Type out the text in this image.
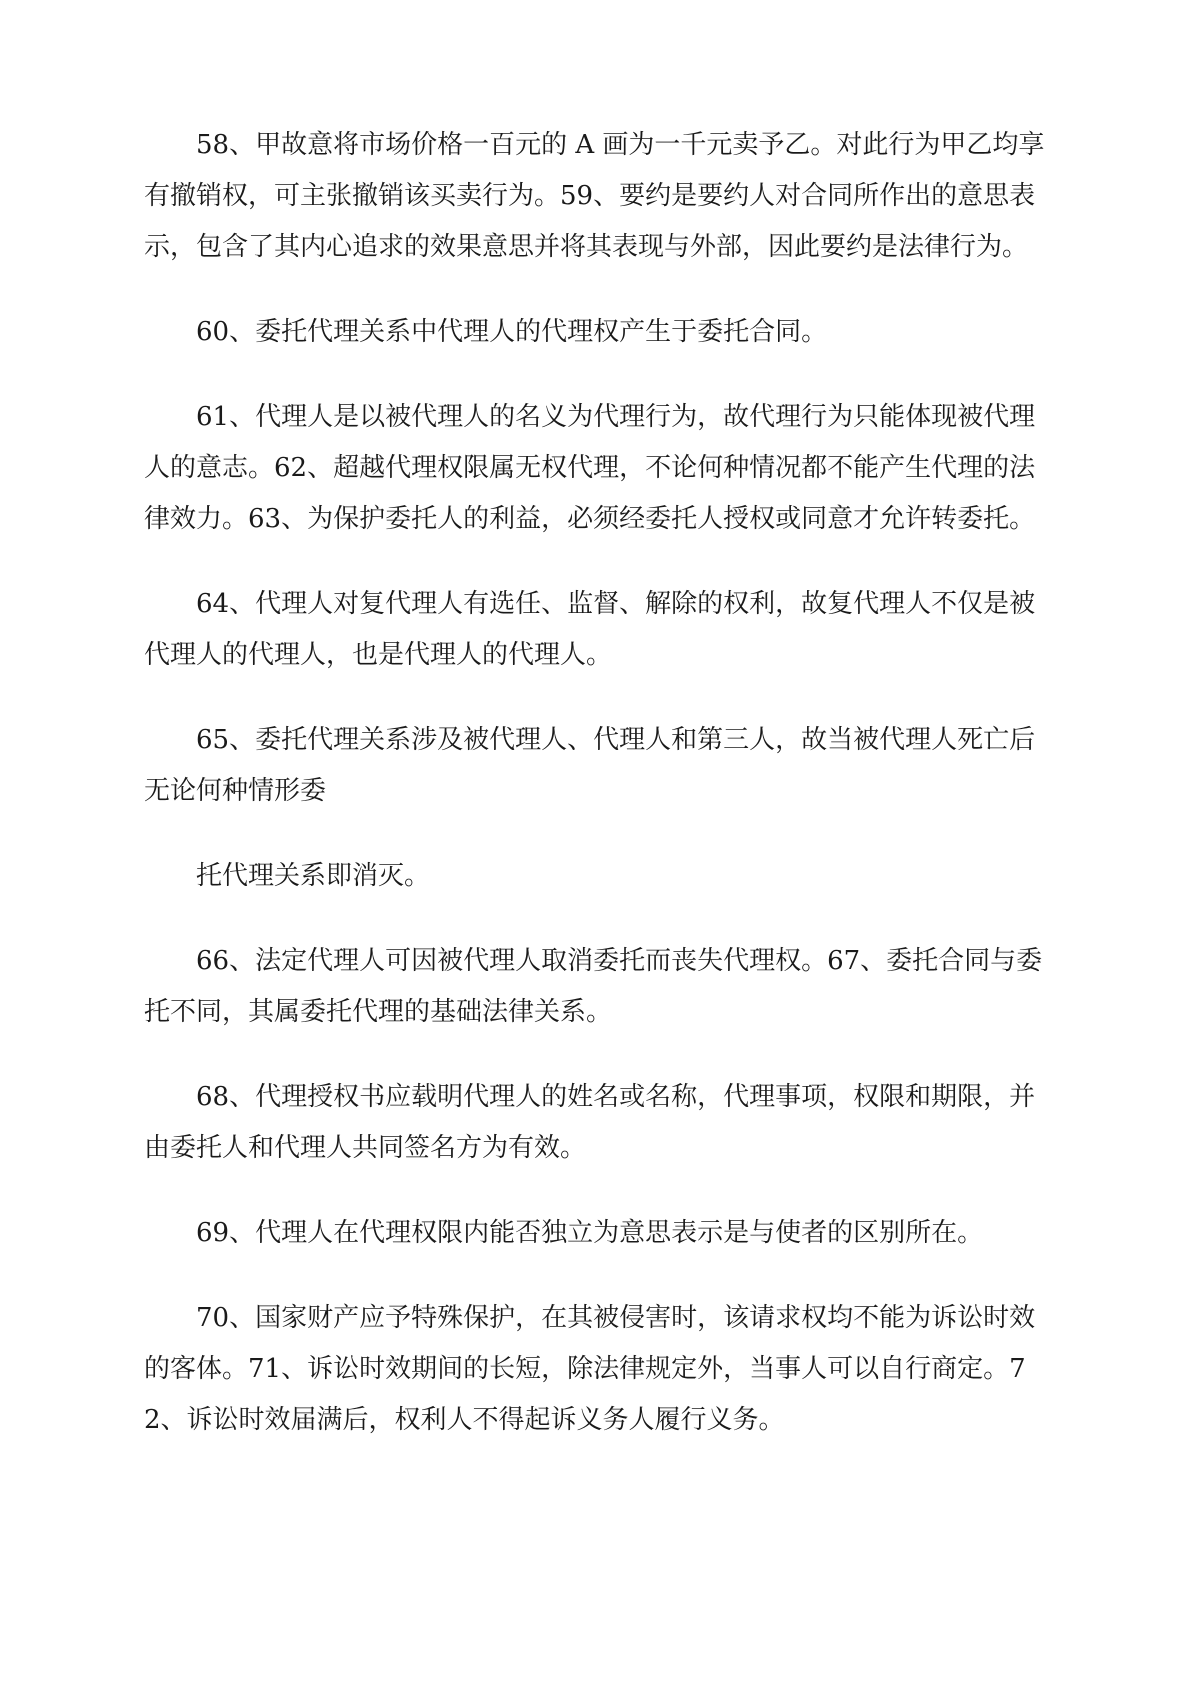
58、甲故意将市场价格一百元的 A 画为一千元卖予乙。对此行为甲乙均享有撤销权，可主张撤销该买卖行为。59、要约是要约人对合同所作出的意思表示，包含了其内心追求的效果意思并将其表现与外部，因此要约是法律行为。

60、委托代理关系中代理人的代理权产生于委托合同。

61、代理人是以被代理人的名义为代理行为，故代理行为只能体现被代理人的意志。62、超越代理权限属无权代理，不论何种情况都不能产生代理的法律效力。63、为保护委托人的利益，必须经委托人授权或同意才允许转委托。

64、代理人对复代理人有选任、监督、解除的权利，故复代理人不仅是被代理人的代理人，也是代理人的代理人。

65、委托代理关系涉及被代理人、代理人和第三人，故当被代理人死亡后无论何种情形委

托代理关系即消灭。

66、法定代理人可因被代理人取消委托而丧失代理权。67、委托合同与委托不同，其属委托代理的基础法律关系。

68、代理授权书应载明代理人的姓名或名称，代理事项，权限和期限，并由委托人和代理人共同签名方为有效。

69、代理人在代理权限内能否独立为意思表示是与使者的区别所在。

70、国家财产应予特殊保护，在其被侵害时，该请求权均不能为诉讼时效的客体。71、诉讼时效期间的长短，除法律规定外，当事人可以自行商定。72、诉讼时效届满后，权利人不得起诉义务人履行义务。
